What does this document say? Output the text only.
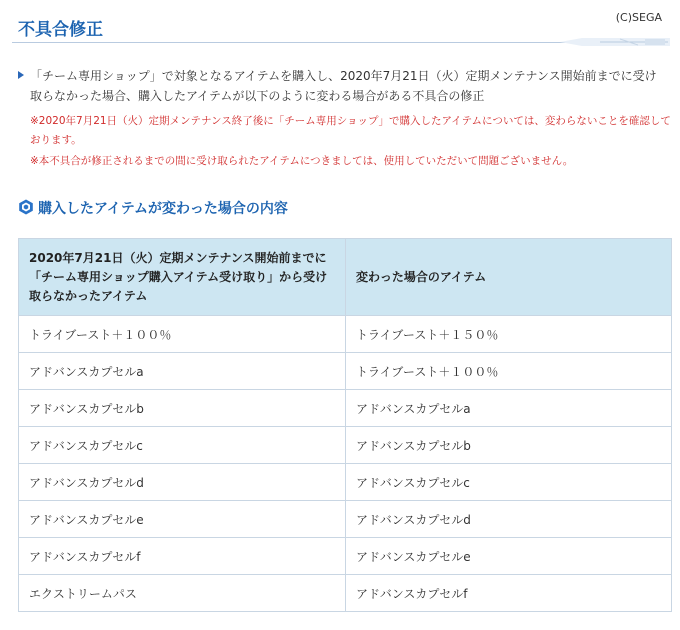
不具合修正
(C)SEGA
「チーム専用ショップ」で対象となるアイテムを購入し、2020年7月21日（火）定期メンテナンス開始前までに受け取らなかった場合、購入したアイテムが以下のように変わる場合がある不具合の修正
※2020年7月21日（火）定期メンテナンス終了後に「チーム専用ショップ」で購入したアイテムについては、変わらないことを確認しております。
※本不具合が修正されるまでの間に受け取られたアイテムにつきましては、使用していただいて問題ございません。
購入したアイテムが変わった場合の内容
2020年7月21日（火）定期メンテナンス開始前までに「チーム専用ショップ購入アイテム受け取り」から受け取らなかったアイテム	変わった場合のアイテム
トライブースト＋１００％	トライブースト＋１５０％
アドバンスカプセルa	トライブースト＋１００％
アドバンスカプセルb	アドバンスカプセルa
アドバンスカプセルc	アドバンスカプセルb
アドバンスカプセルd	アドバンスカプセルc
アドバンスカプセルe	アドバンスカプセルd
アドバンスカプセルf	アドバンスカプセルe
エクストリームパス	アドバンスカプセルf
